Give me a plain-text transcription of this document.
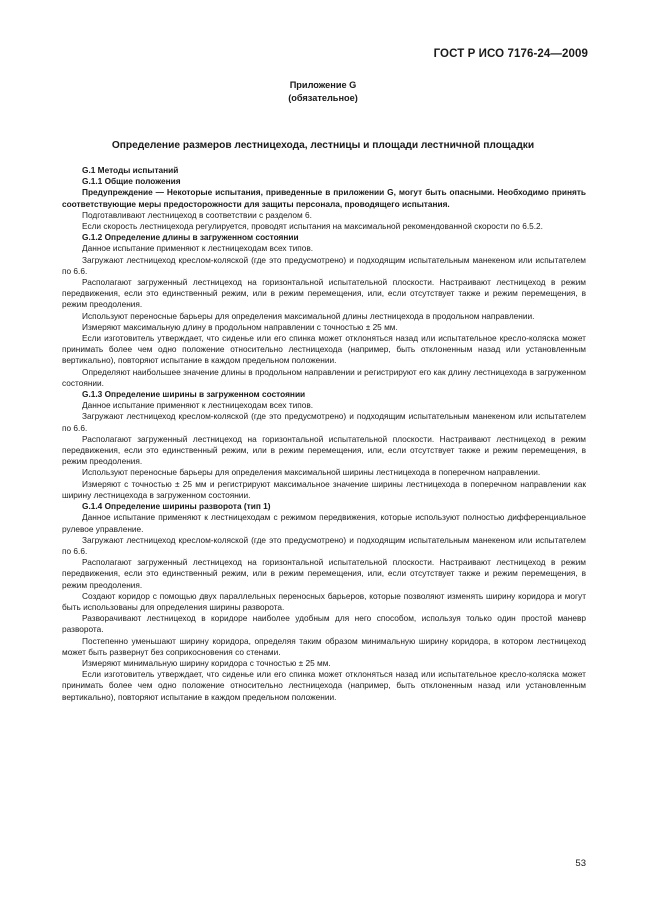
ГОСТ Р ИСО 7176-24—2009
Приложение G
(обязательное)
Определение размеров лестницехода, лестницы и площади лестничной площадки

G.1 Методы испытаний

G.1.1 Общие положения

Предупреждение — Некоторые испытания, приведенные в приложении G, могут быть опасными. Необходимо принять соответствующие меры предосторожности для защиты персонала, проводящего испытания.

Подготавливают лестницеход в соответствии с разделом 6.

Если скорость лестницехода регулируется, проводят испытания на максимальной рекомендованной скорости по 6.5.2.

G.1.2 Определение длины в загруженном состоянии

Данное испытание применяют к лестницеходам всех типов.

Загружают лестницеход креслом-коляской (где это предусмотрено) и подходящим испытательным манекеном или испытателем по 6.6.

Располагают загруженный лестницеход на горизонтальной испытательной плоскости. Настраивают лестницеход в режим передвижения, если это единственный режим, или в режим перемещения, или, если отсутствует также и режим перемещения, в режим преодоления.

Используют переносные барьеры для определения максимальной длины лестницехода в продольном направлении.

Измеряют максимальную длину в продольном направлении с точностью ± 25 мм.

Если изготовитель утверждает, что сиденье или его спинка может отклоняться назад или испытательное кресло-коляска может принимать более чем одно положение относительно лестницехода (например, быть отклоненным назад или установленным вертикально), повторяют испытание в каждом предельном положении.

Определяют наибольшее значение длины в продольном направлении и регистрируют его как длину лестницехода в загруженном состоянии.

G.1.3 Определение ширины в загруженном состоянии

Данное испытание применяют к лестницеходам всех типов.

Загружают лестницеход креслом-коляской (где это предусмотрено) и подходящим испытательным манекеном или испытателем по 6.6.

Располагают загруженный лестницеход на горизонтальной испытательной плоскости. Настраивают лестницеход в режим передвижения, если это единственный режим, или в режим перемещения, или, если отсутствует также и режим перемещения, в режим преодоления.

Используют переносные барьеры для определения максимальной ширины лестницехода в поперечном направлении.

Измеряют с точностью ± 25 мм и регистрируют максимальное значение ширины лестницехода в поперечном направлении как ширину лестницехода в загруженном состоянии.

G.1.4 Определение ширины разворота (тип 1)

Данное испытание применяют к лестницеходам с режимом передвижения, которые используют полностью дифференциальное рулевое управление.

Загружают лестницеход креслом-коляской (где это предусмотрено) и подходящим испытательным манекеном или испытателем по 6.6.

Располагают загруженный лестницеход на горизонтальной испытательной плоскости. Настраивают лестницеход в режим передвижения, если это единственный режим, или в режим перемещения, или, если отсутствует также и режим перемещения, в режим преодоления.

Создают коридор с помощью двух параллельных переносных барьеров, которые позволяют изменять ширину коридора и могут быть использованы для определения ширины разворота.

Разворачивают лестницеход в коридоре наиболее удобным для него способом, используя только один простой маневр разворота.

Постепенно уменьшают ширину коридора, определяя таким образом минимальную ширину коридора, в котором лестницеход может быть развернут без соприкосновения со стенами.

Измеряют минимальную ширину коридора с точностью ± 25 мм.

Если изготовитель утверждает, что сиденье или его спинка может отклоняться назад или испытательное кресло-коляска может принимать более чем одно положение относительно лестницехода (например, быть отклоненным назад или установленным вертикально), повторяют испытание в каждом предельном положении.

53
